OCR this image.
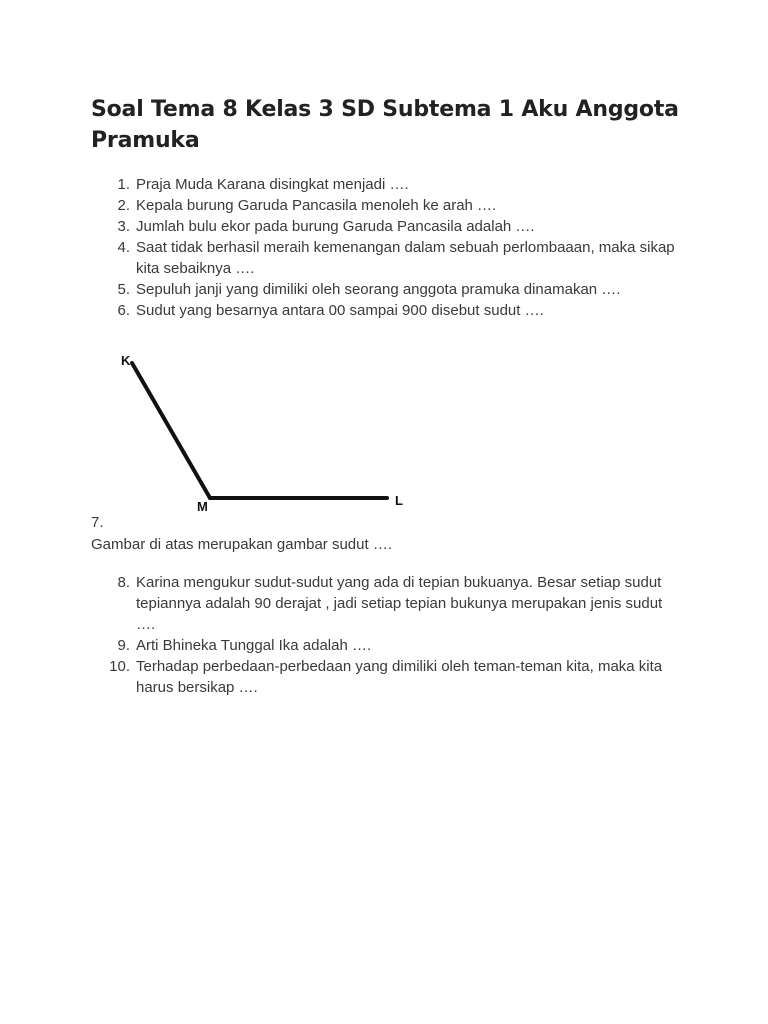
Soal Tema 8 Kelas 3 SD Subtema 1 Aku Anggota Pramuka
1. Praja Muda Karana disingkat menjadi ….
2. Kepala burung Garuda Pancasila menoleh ke arah ….
3. Jumlah bulu ekor pada burung Garuda Pancasila adalah ….
4. Saat tidak berhasil meraih kemenangan dalam sebuah perlombaaan, maka sikap kita sebaiknya ….
5. Sepuluh janji yang dimiliki oleh seorang anggota pramuka dinamakan ….
6. Sudut yang besarnya antara 00 sampai 900 disebut sudut ….
K
M	L
7.
Gambar di atas merupakan gambar sudut ….
8. Karina mengukur sudut-sudut yang ada di tepian bukuanya. Besar setiap sudut tepiannya adalah 90 derajat , jadi setiap tepian bukunya merupakan jenis sudut ….
9. Arti Bhineka Tunggal Ika adalah ….
10. Terhadap perbedaan-perbedaan yang dimiliki oleh teman-teman kita, maka kita harus bersikap ….
